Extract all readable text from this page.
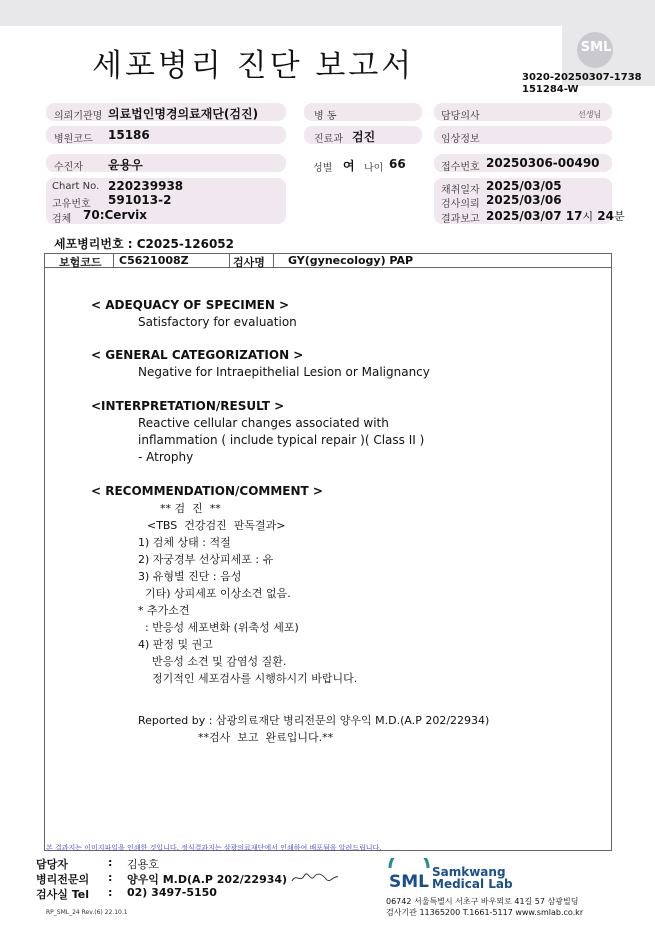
세포병리 진단 보고서
SML
3020-20250307-1738
151284-W
의뢰기관명 의료법인명경의료재단(검진)	병 동	담당의사	선생님
병원코드 15186	진료과 검진	임상정보
수진자 윤용우	성별 여 나이 66	접수번호 20250306-00490
Chart No. 220239938
고유번호 591013-2
검체 70:Cervix
채취일자 2025/03/05
검사의뢰 2025/03/06
결과보고 2025/03/07 17시 24분
세포병리번호 : C2025-126052
보험코드 C5621008Z	검사명 GY(gynecology) PAP
< ADEQUACY OF SPECIMEN >
Satisfactory for evaluation
< GENERAL CATEGORIZATION >
Negative for Intraepithelial Lesion or Malignancy
<INTERPRETATION/RESULT >
Reactive cellular changes associated with
inflammation ( include typical repair )( Class II )
- Atrophy
< RECOMMENDATION/COMMENT >
** 검  진  **
<TBS  건강검진  판독결과>
1) 검체 상태 : 적절
2) 자궁경부 선상피세포 : 유
3) 유형별 진단 : 음성
기타) 상피세포 이상소견 없음.
* 추가소견
: 반응성 세포변화 (위축성 세포)
4) 판정 및 권고
반응성 소견 및 감염성 질환.
정기적인 세포검사를 시행하시기 바랍니다.
Reported by : 삼광의료재단 병리전문의 양우익 M.D.(A.P 202/22934)
**검사  보고  완료입니다.**
본 결과지는 이미지파일을 인쇄한 것입니다. 정식결과지는 삼광의료재단에서 인쇄하여 배포됨을 알려드립니다.
담당자	: 김용호
병리전문의 : 양우익 M.D(A.P 202/22934)
검사실 Tel : 02) 3497-5150
SML Samkwang
Medical Lab
06742 서울특별시 서초구 바우뫼로 41길 57 삼광빌딩
검사기관 11365200 T.1661-5117 www.smlab.co.kr
RP_SML_24 Rev.(6) 22.10.1
